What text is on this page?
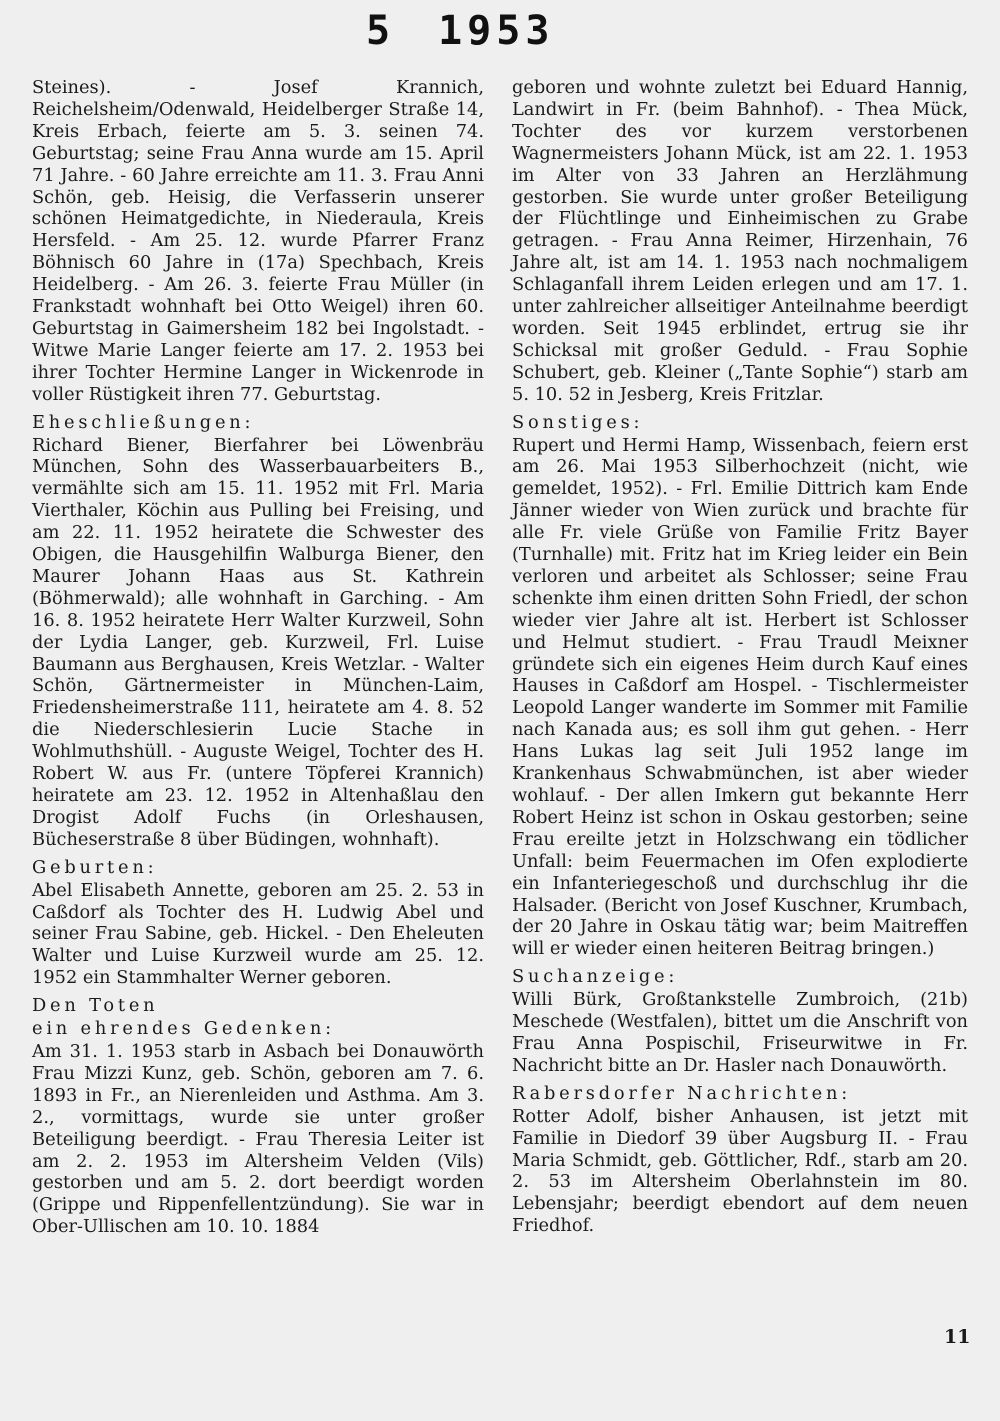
5 1953

Steines). - Josef Krannich, Reichelsheim/Odenwald, Heidelberger Straße 14, Kreis Erbach, feierte am 5. 3. seinen 74. Geburtstag; seine Frau Anna wurde am 15. April 71 Jahre. - 60 Jahre erreichte am 11. 3. Frau Anni Schön, geb. Heisig, die Verfasserin unserer schönen Heimatgedichte, in Niederaula, Kreis Hersfeld. - Am 25. 12. wurde Pfarrer Franz Böhnisch 60 Jahre in (17a) Spechbach, Kreis Heidelberg. - Am 26. 3. feierte Frau Müller (in Frankstadt wohnhaft bei Otto Weigel) ihren 60. Geburtstag in Gaimersheim 182 bei Ingolstadt. - Witwe Marie Langer feierte am 17. 2. 1953 bei ihrer Tochter Hermine Langer in Wickenrode in voller Rüstigkeit ihren 77. Geburtstag.

Eheschließungen:

Richard Biener, Bierfahrer bei Löwenbräu München, Sohn des Wasserbauarbeiters B., vermählte sich am 15. 11. 1952 mit Frl. Maria Vierthaler, Köchin aus Pulling bei Freising, und am 22. 11. 1952 heiratete die Schwester des Obigen, die Hausgehilfin Walburga Biener, den Maurer Johann Haas aus St. Kathrein (Böhmerwald); alle wohnhaft in Garching. - Am 16. 8. 1952 heiratete Herr Walter Kurzweil, Sohn der Lydia Langer, geb. Kurzweil, Frl. Luise Baumann aus Berghausen, Kreis Wetzlar. - Walter Schön, Gärtnermeister in München-Laim, Friedensheimerstraße 111, heiratete am 4. 8. 52 die Niederschlesierin Lucie Stache in Wohlmuthshüll. - Auguste Weigel, Tochter des H. Robert W. aus Fr. (untere Töpferei Krannich) heiratete am 23. 12. 1952 in Altenhaßlau den Drogist Adolf Fuchs (in Orleshausen, Bücheserstraße 8 über Büdingen, wohnhaft).

Geburten:

Abel Elisabeth Annette, geboren am 25. 2. 53 in Caßdorf als Tochter des H. Ludwig Abel und seiner Frau Sabine, geb. Hickel. - Den Eheleuten Walter und Luise Kurzweil wurde am 25. 12. 1952 ein Stammhalter Werner geboren.

Den Toten
ein ehrendes Gedenken:

Am 31. 1. 1953 starb in Asbach bei Donauwörth Frau Mizzi Kunz, geb. Schön, geboren am 7. 6. 1893 in Fr., an Nierenleiden und Asthma. Am 3. 2., vormittags, wurde sie unter großer Beteiligung beerdigt. - Frau Theresia Leiter ist am 2. 2. 1953 im Altersheim Velden (Vils) gestorben und am 5. 2. dort beerdigt worden (Grippe und Rippenfellentzündung). Sie war in Ober-Ullischen am 10. 10. 1884

geboren und wohnte zuletzt bei Eduard Hannig, Landwirt in Fr. (beim Bahnhof). - Thea Mück, Tochter des vor kurzem verstorbenen Wagnermeisters Johann Mück, ist am 22. 1. 1953 im Alter von 33 Jahren an Herzlähmung gestorben. Sie wurde unter großer Beteiligung der Flüchtlinge und Einheimischen zu Grabe getragen. - Frau Anna Reimer, Hirzenhain, 76 Jahre alt, ist am 14. 1. 1953 nach nochmaligem Schlaganfall ihrem Leiden erlegen und am 17. 1. unter zahlreicher allseitiger Anteilnahme beerdigt worden. Seit 1945 erblindet, ertrug sie ihr Schicksal mit großer Geduld. - Frau Sophie Schubert, geb. Kleiner („Tante Sophie“) starb am 5. 10. 52 in Jesberg, Kreis Fritzlar.

Sonstiges:

Rupert und Hermi Hamp, Wissenbach, feiern erst am 26. Mai 1953 Silberhochzeit (nicht, wie gemeldet, 1952). - Frl. Emilie Dittrich kam Ende Jänner wieder von Wien zurück und brachte für alle Fr. viele Grüße von Familie Fritz Bayer (Turnhalle) mit. Fritz hat im Krieg leider ein Bein verloren und arbeitet als Schlosser; seine Frau schenkte ihm einen dritten Sohn Friedl, der schon wieder vier Jahre alt ist. Herbert ist Schlosser und Helmut studiert. - Frau Traudl Meixner gründete sich ein eigenes Heim durch Kauf eines Hauses in Caßdorf am Hospel. - Tischlermeister Leopold Langer wanderte im Sommer mit Familie nach Kanada aus; es soll ihm gut gehen. - Herr Hans Lukas lag seit Juli 1952 lange im Krankenhaus Schwabmünchen, ist aber wieder wohlauf. - Der allen Imkern gut bekannte Herr Robert Heinz ist schon in Oskau gestorben; seine Frau ereilte jetzt in Holzschwang ein tödlicher Unfall: beim Feuermachen im Ofen explodierte ein Infanteriegeschoß und durchschlug ihr die Halsader. (Bericht von Josef Kuschner, Krumbach, der 20 Jahre in Oskau tätig war; beim Maitreffen will er wieder einen heiteren Beitrag bringen.)

Suchanzeige:

Willi Bürk, Großtankstelle Zumbroich, (21b) Meschede (Westfalen), bittet um die Anschrift von Frau Anna Pospischil, Friseurwitwe in Fr. Nachricht bitte an Dr. Hasler nach Donauwörth.

Rabersdorfer Nachrichten:

Rotter Adolf, bisher Anhausen, ist jetzt mit Familie in Diedorf 39 über Augsburg II. - Frau Maria Schmidt, geb. Göttlicher, Rdf., starb am 20. 2. 53 im Altersheim Oberlahnstein im 80. Lebensjahr; beerdigt ebendort auf dem neuen Friedhof.

11
